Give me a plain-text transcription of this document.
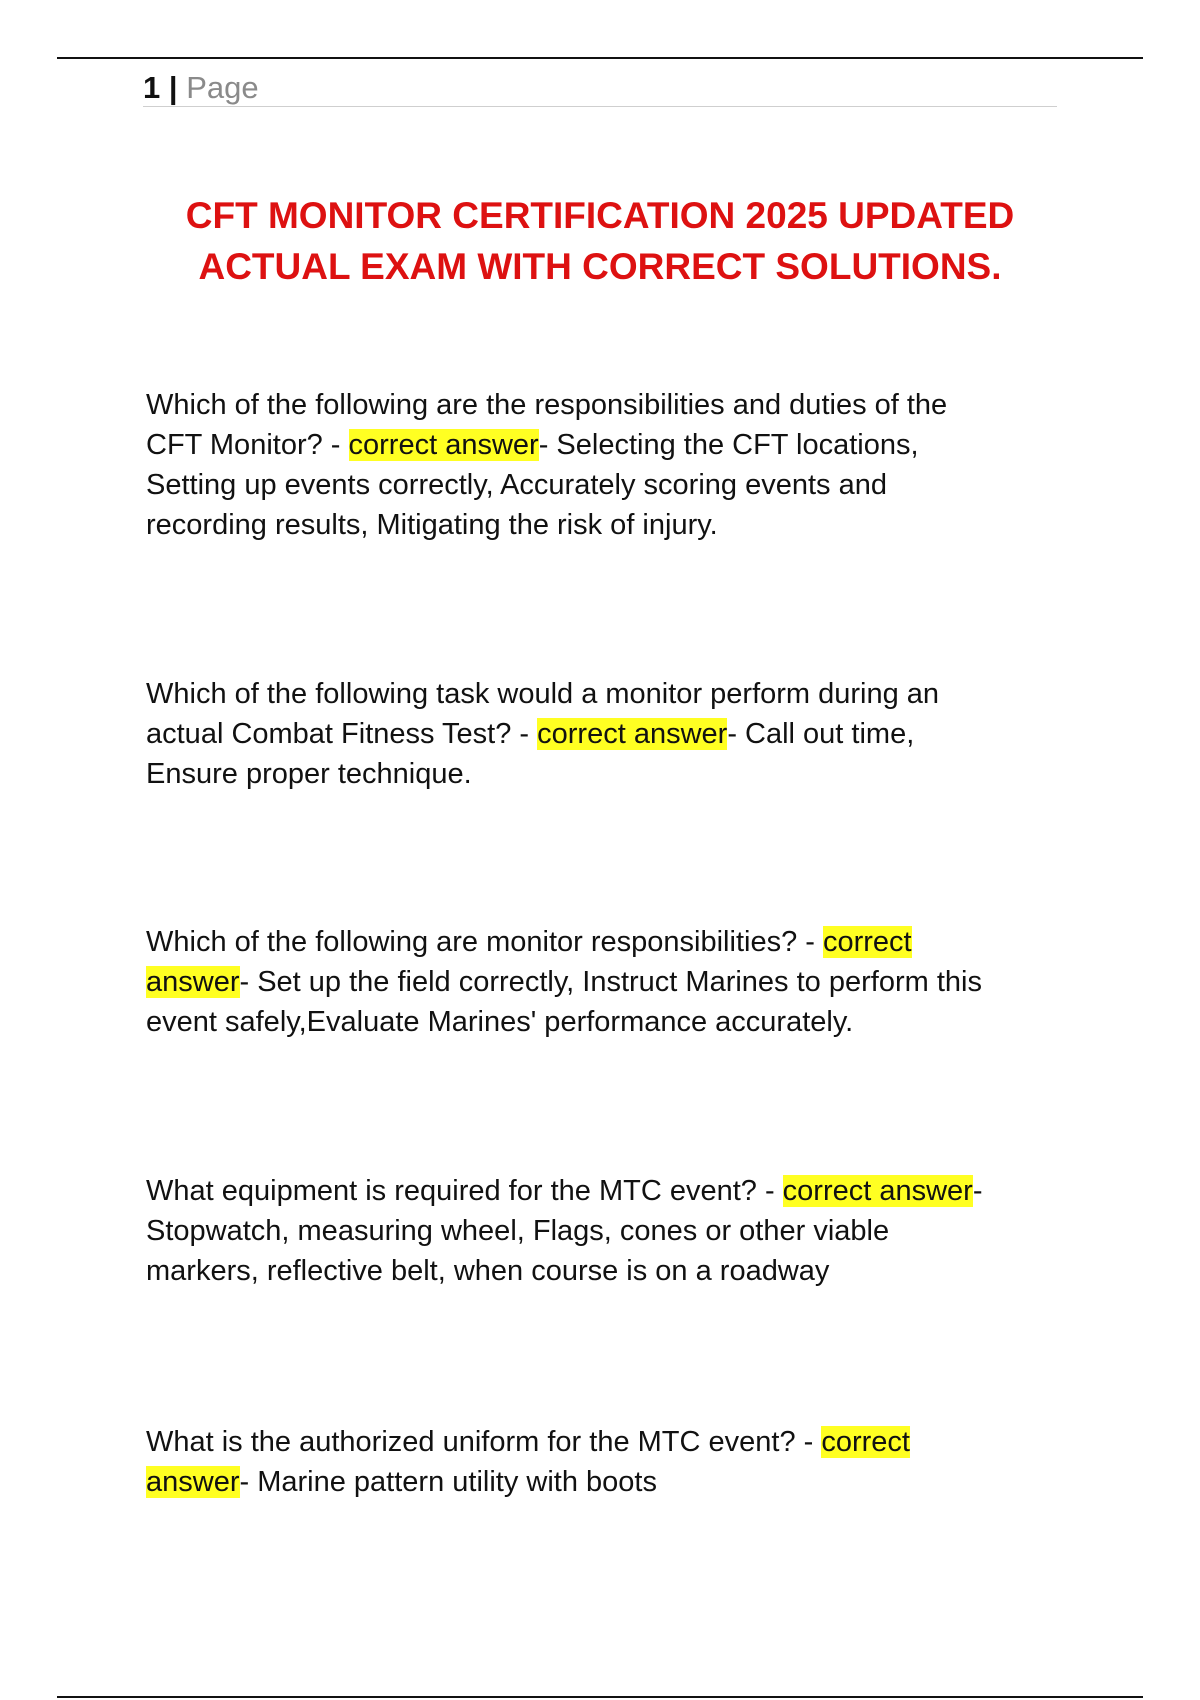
1 | Page
CFT MONITOR CERTIFICATION 2025 UPDATED ACTUAL EXAM WITH CORRECT SOLUTIONS.

Which of the following are the responsibilities and duties of the CFT Monitor? - correct answer- Selecting the CFT locations, Setting up events correctly, Accurately scoring events and recording results, Mitigating the risk of injury.

Which of the following task would a monitor perform during an actual Combat Fitness Test? - correct answer- Call out time, Ensure proper technique.

Which of the following are monitor responsibilities? - correct answer- Set up the field correctly, Instruct Marines to perform this event safely,Evaluate Marines' performance accurately.

What equipment is required for the MTC event? - correct answer- Stopwatch, measuring wheel, Flags, cones or other viable markers, reflective belt, when course is on a roadway

What is the authorized uniform for the MTC event? - correct answer- Marine pattern utility with boots
